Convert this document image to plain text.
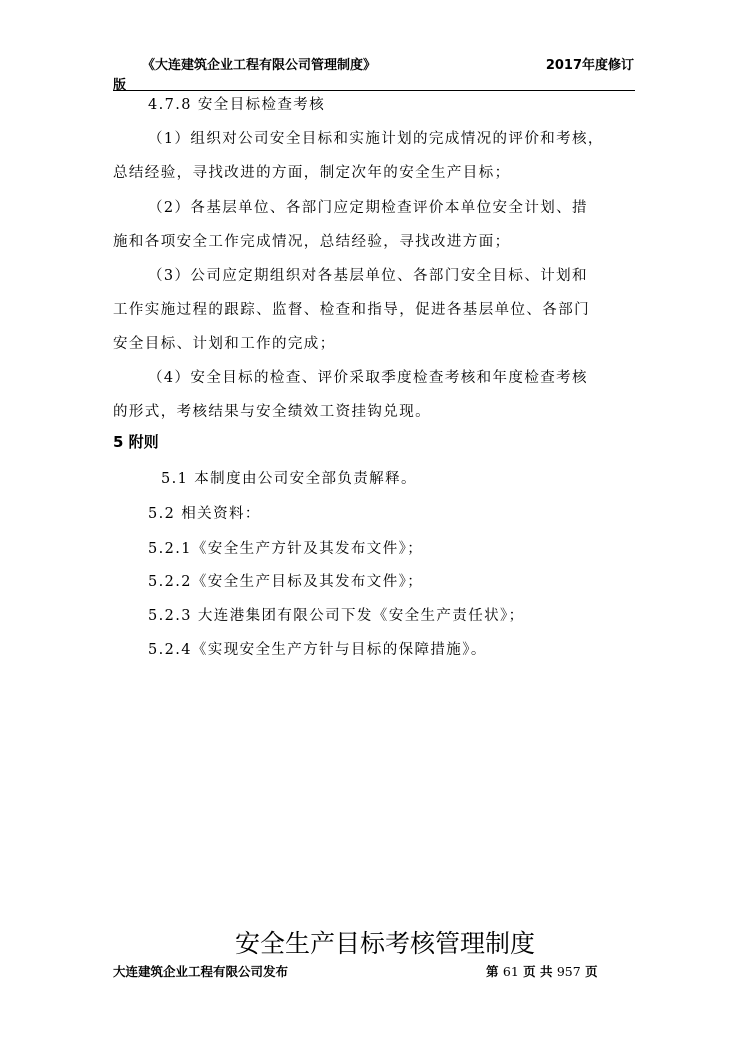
《大连建筑企业工程有限公司管理制度》	2017年度修订
版
4.7.8 安全目标检查考核
（1）组织对公司安全目标和实施计划的完成情况的评价和考核，
总结经验，寻找改进的方面，制定次年的安全生产目标；
（2）各基层单位、各部门应定期检查评价本单位安全计划、措
施和各项安全工作完成情况，总结经验，寻找改进方面；
（3）公司应定期组织对各基层单位、各部门安全目标、计划和
工作实施过程的跟踪、监督、检查和指导，促进各基层单位、各部门
安全目标、计划和工作的完成；
（4）安全目标的检查、评价采取季度检查考核和年度检查考核
的形式，考核结果与安全绩效工资挂钩兑现。
5 附则
5.1 本制度由公司安全部负责解释。
5.2 相关资料：
5.2.1《安全生产方针及其发布文件》；
5.2.2《安全生产目标及其发布文件》；
5.2.3 大连港集团有限公司下发《安全生产责任状》；
5.2.4《实现安全生产方针与目标的保障措施》。
安全生产目标考核管理制度
大连建筑企业工程有限公司发布	第 61 页 共 957 页
